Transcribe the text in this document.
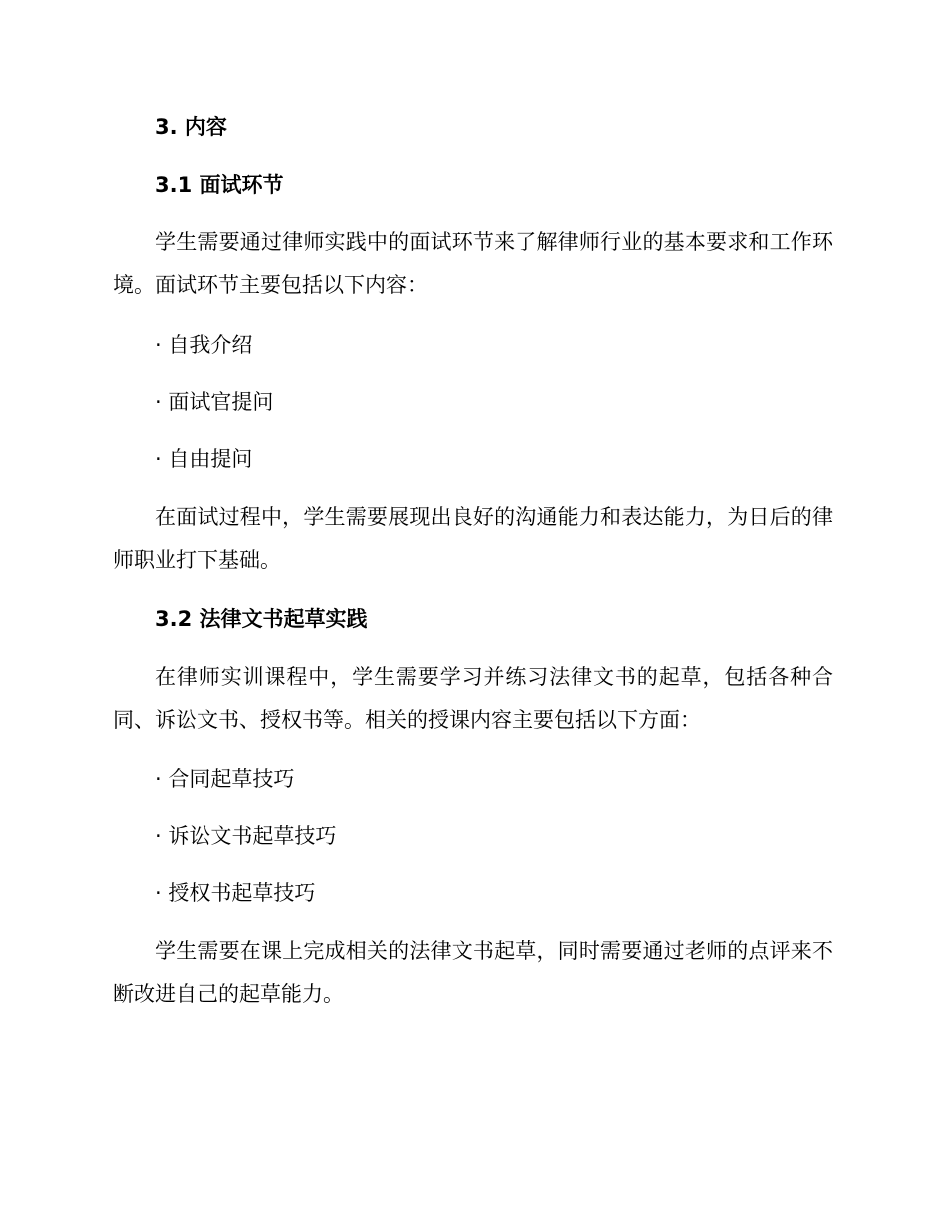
3. 内容
3.1 面试环节

学生需要通过律师实践中的面试环节来了解律师行业的基本要求和工作环境。面试环节主要包括以下内容：

· 自我介绍
· 面试官提问
· 自由提问

在面试过程中，学生需要展现出良好的沟通能力和表达能力，为日后的律师职业打下基础。

3.2 法律文书起草实践

在律师实训课程中，学生需要学习并练习法律文书的起草，包括各种合同、诉讼文书、授权书等。相关的授课内容主要包括以下方面：

· 合同起草技巧
· 诉讼文书起草技巧
· 授权书起草技巧

学生需要在课上完成相关的法律文书起草，同时需要通过老师的点评来不断改进自己的起草能力。
